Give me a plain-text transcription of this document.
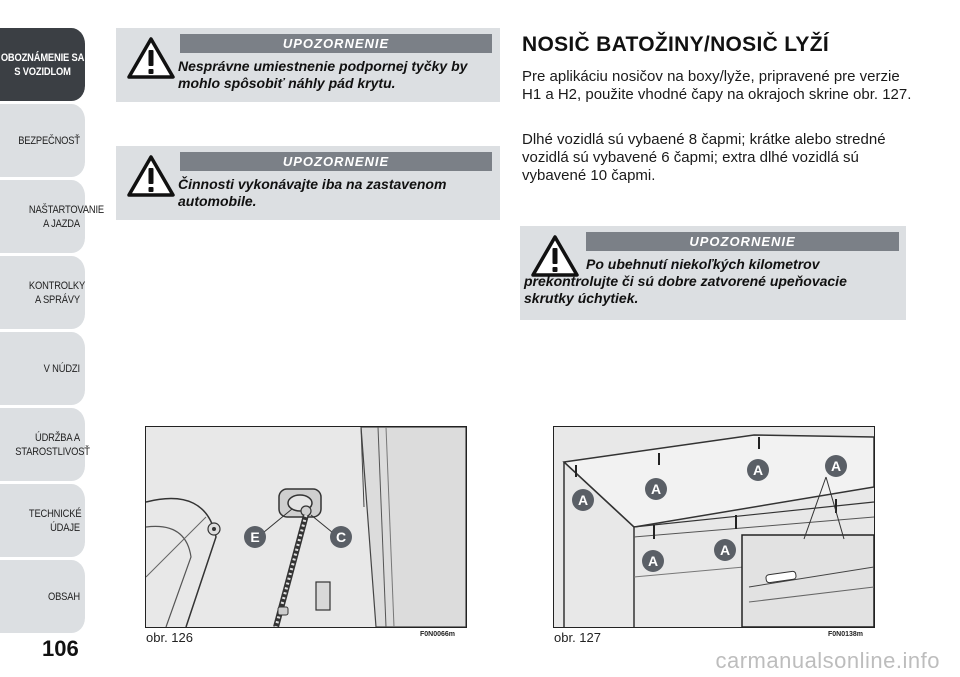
OBOZNÁMENIE SA S VOZIDLOM
BEZPEČNOSŤ
NAŠTARTOVANIE A JAZDA
KONTROLKY A SPRÁVY
V NÚDZI
ÚDRŽBA A STAROSTLIVOSŤ
TECHNICKÉ ÚDAJE
OBSAH
106
UPOZORNENIE
Nesprávne umiestnenie podpornej tyčky by mohlo spôsobiť náhly pád krytu.
UPOZORNENIE
Činnosti vykonávajte iba na zastavenom automobile.
NOSIČ BATOŽINY/NOSIČ LYŽÍ
Pre aplikáciu nosičov na boxy/lyže, pripravené pre verzie H1 a H2, použite vhodné čapy na okrajoch skrine obr. 127.
Dlhé vozidlá sú vybaené 8 čapmi; krátke alebo stredné vozidlá sú vybavené 6 čapmi; extra dlhé vozidlá sú vybavené 10 čapmi.
UPOZORNENIE
Po ubehnutí niekoľkých kilometrov prekontrolujte či sú dobre zatvorené upeňovacie skrutky úchytiek.
E	C
obr. 126	F0N0066m
A
A
A	A
A
A
obr. 127	F0N0138m
carmanualsonline.info
